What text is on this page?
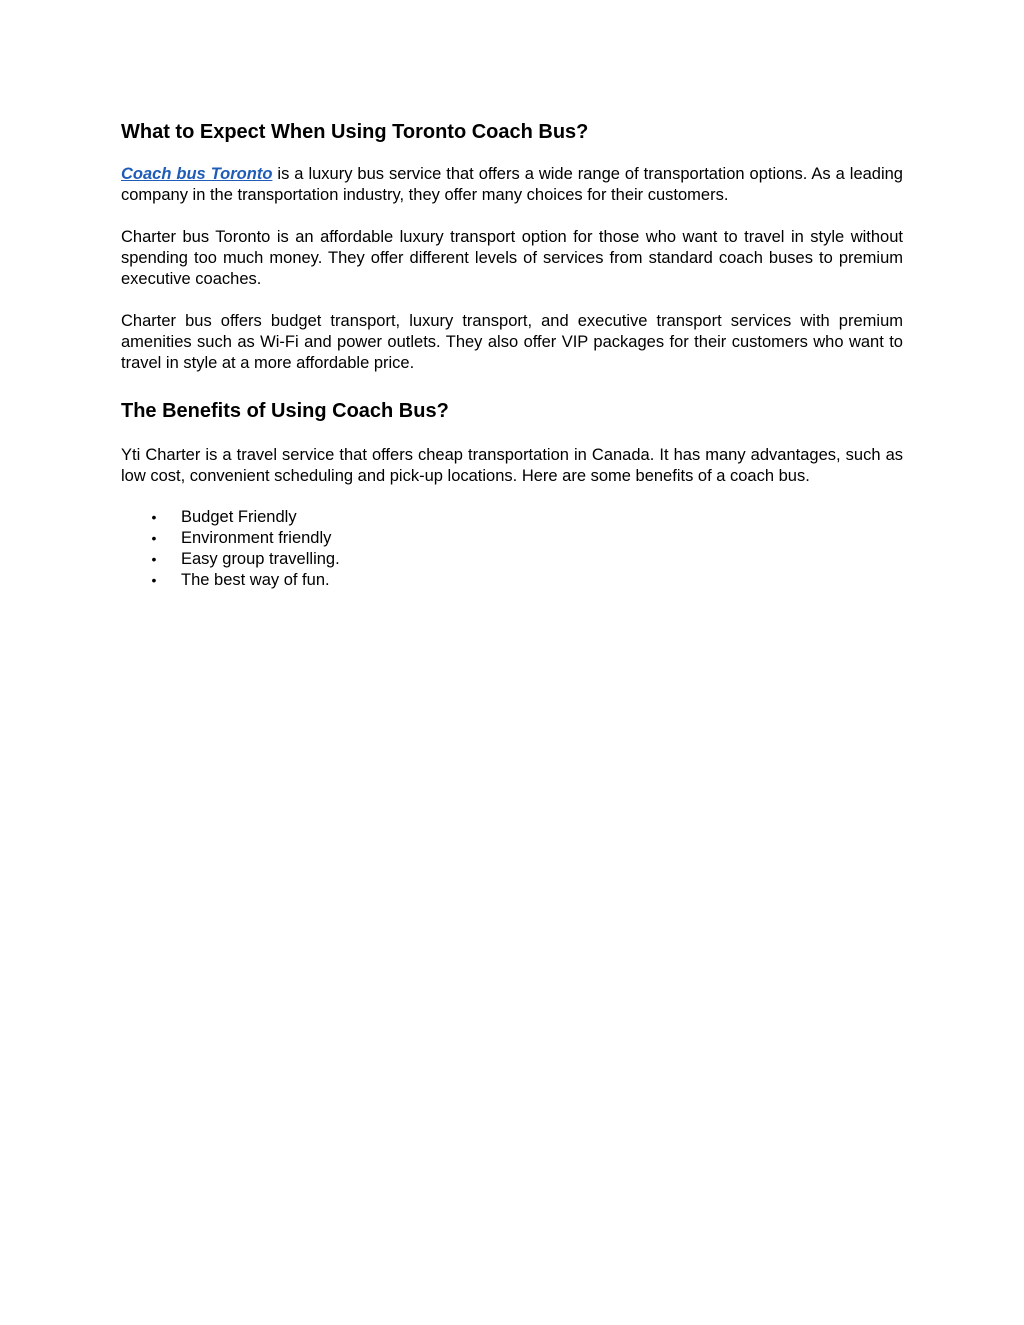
What to Expect When Using Toronto Coach Bus?

Coach bus Toronto is a luxury bus service that offers a wide range of transportation options. As a leading company in the transportation industry, they offer many choices for their customers.

Charter bus Toronto is an affordable luxury transport option for those who want to travel in style without spending too much money. They offer different levels of services from standard coach buses to premium executive coaches.

Charter bus offers budget transport, luxury transport, and executive transport services with premium amenities such as Wi-Fi and power outlets. They also offer VIP packages for their customers who want to travel in style at a more affordable price.

The Benefits of Using Coach Bus?

Yti Charter is a travel service that offers cheap transportation in Canada. It has many advantages, such as low cost, convenient scheduling and pick-up locations. Here are some benefits of a coach bus.

• Budget Friendly
• Environment friendly
• Easy group travelling.
• The best way of fun.
